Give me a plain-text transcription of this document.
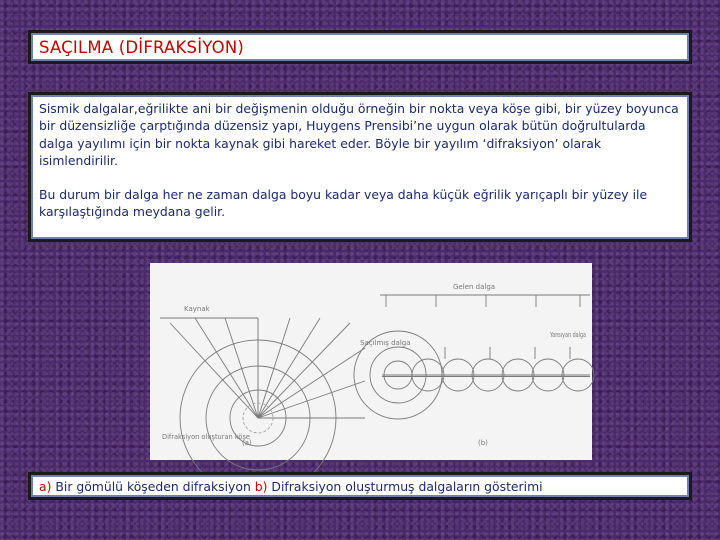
SAÇILMA (DİFRAKSİYON)

Sismik dalgalar,eğrilikte ani bir değişmenin olduğu örneğin bir nokta veya köşe gibi, bir yüzey boyunca bir düzensizliğe çarptığında düzensiz yapı, Huygens Prensibi’ne uygun olarak bütün doğrultularda dalga yayılımı için bir nokta kaynak gibi hareket eder. Böyle bir yayılım ‘difraksiyon’ olarak isimlendirilir.

Bu durum bir dalga her ne zaman dalga boyu kadar veya daha küçük eğrilik yarıçaplı bir yüzey ile karşılaştığında meydana gelir.

Kaynak
Difraksiyon oluşturan köşe
(a)
Gelen dalga
Saçılmış dalga
Yansıyan dalga
(b)
a) Bir gömülü köşeden difraksiyon b) Difraksiyon oluşturmuş dalgaların gösterimi
